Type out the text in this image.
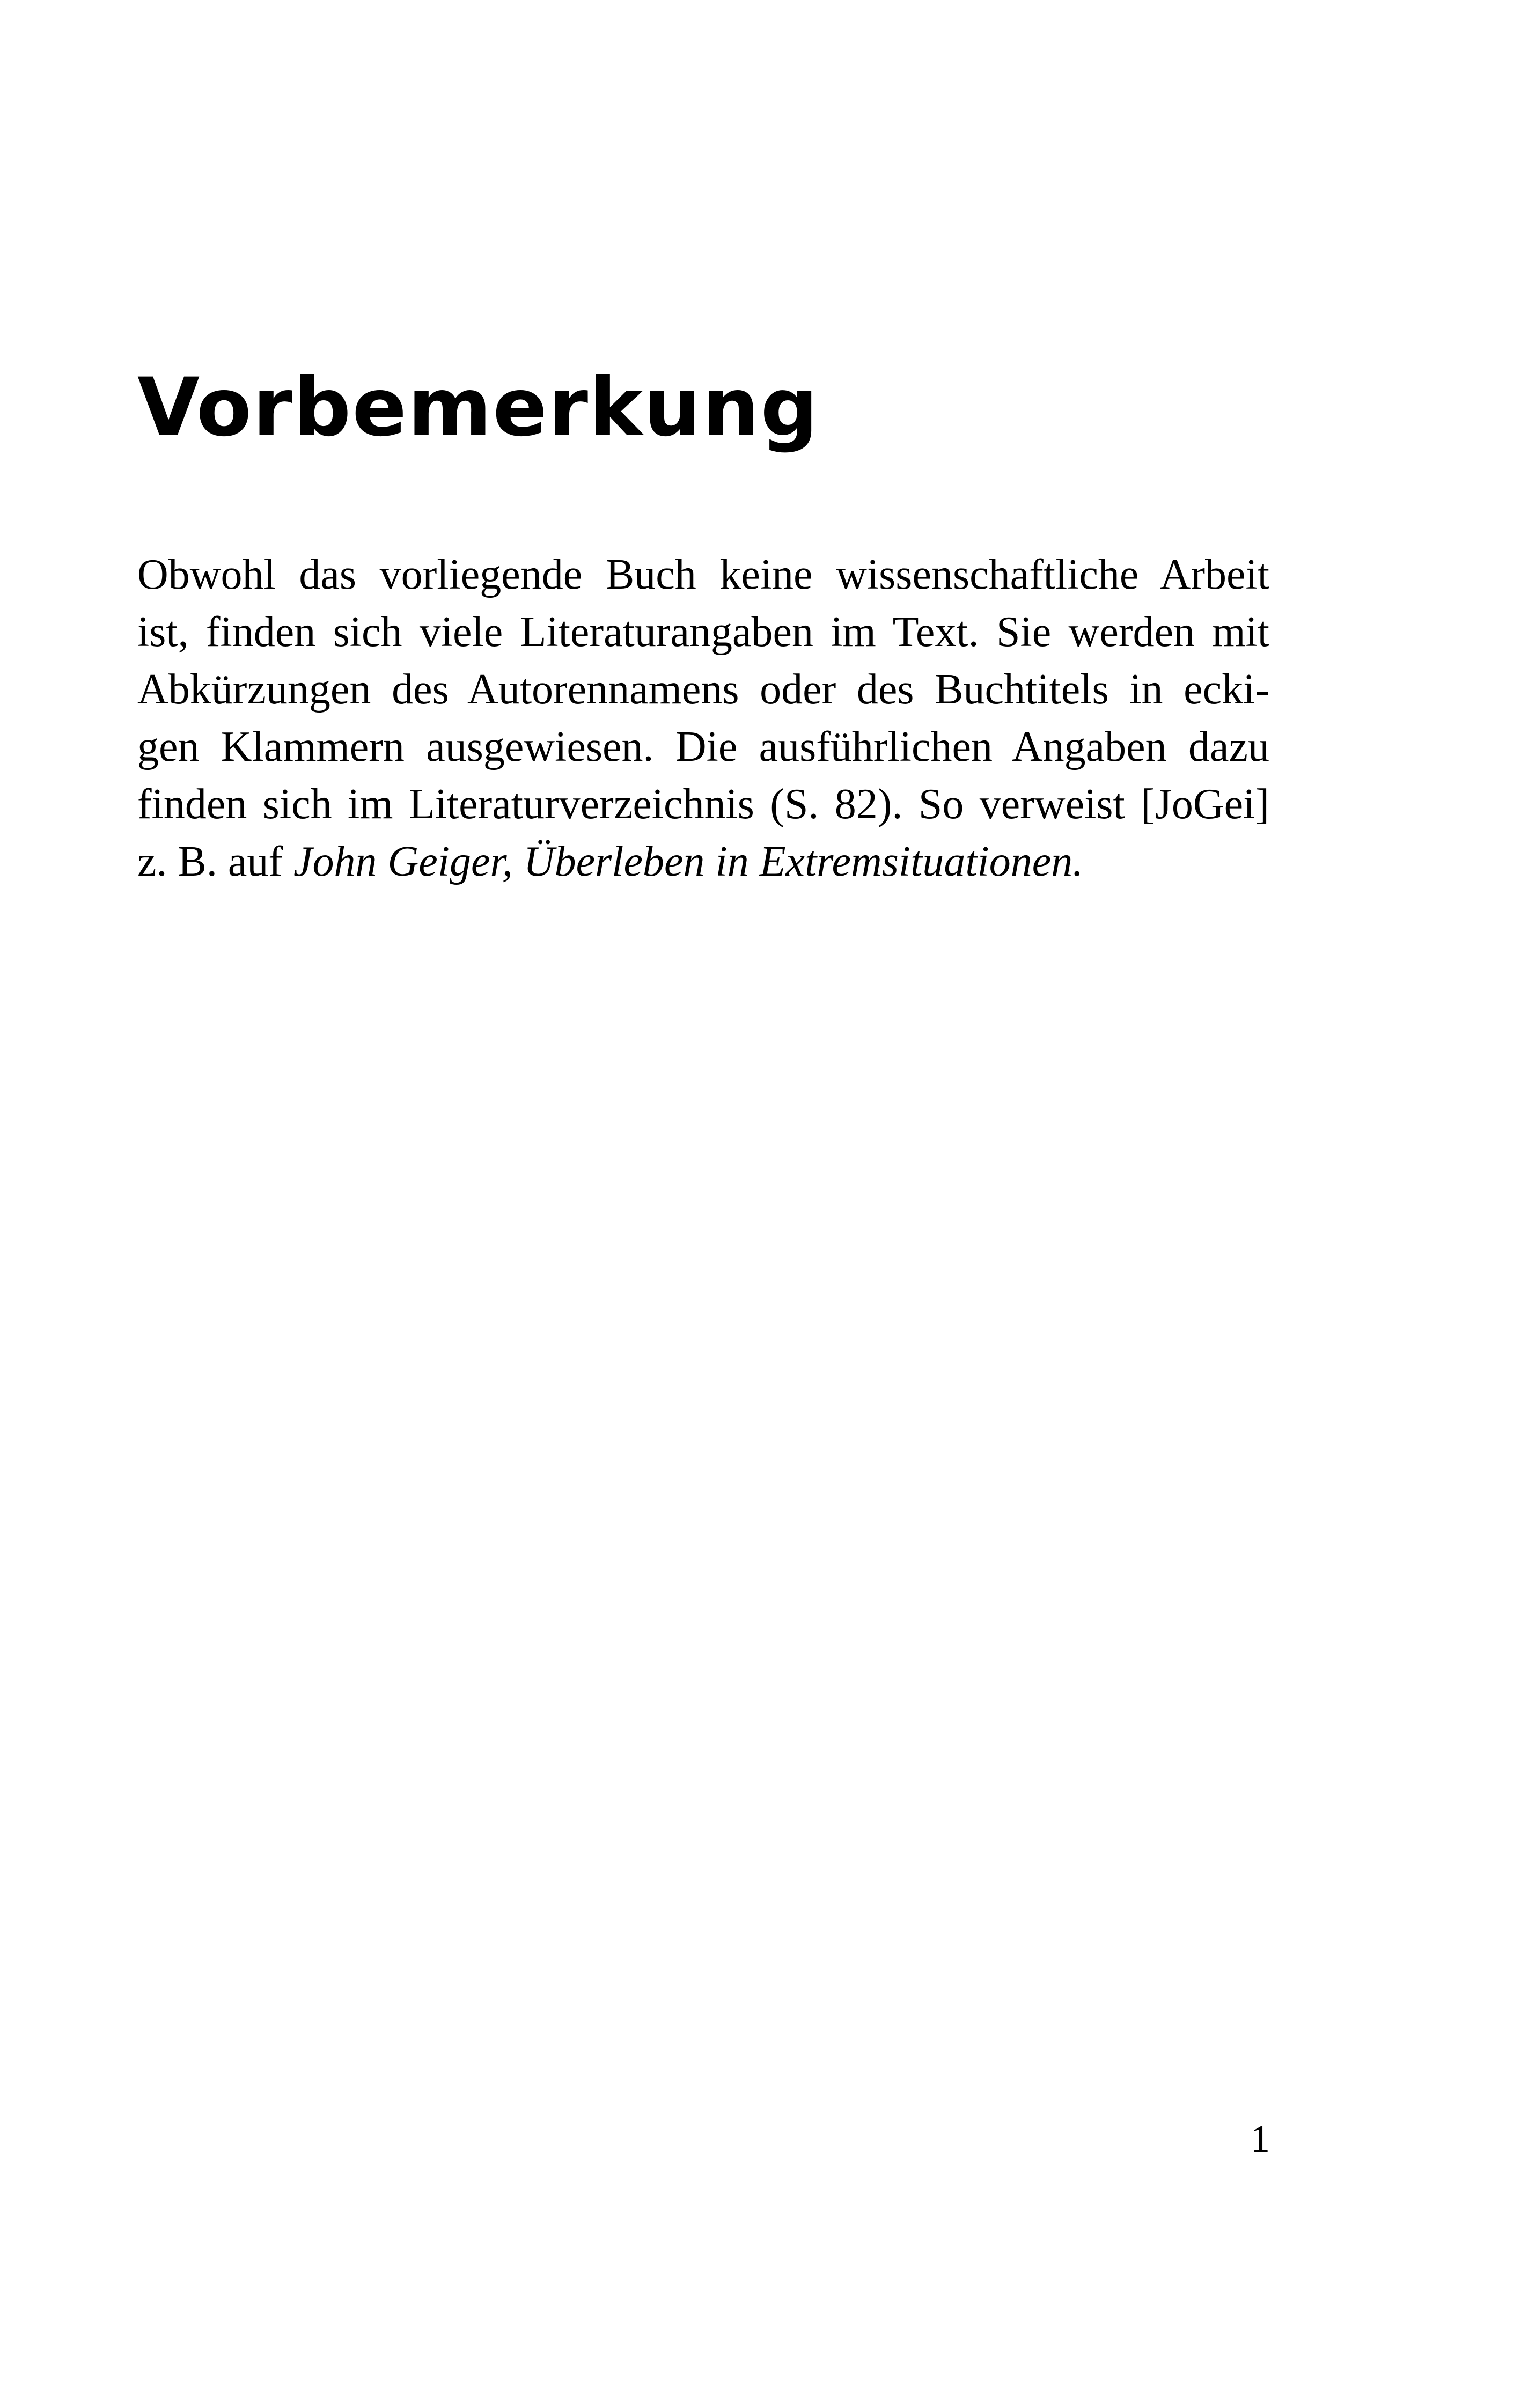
Vorbemerkung
Obwohl das vorliegende Buch keine wissenschaftliche Arbeit
ist, finden sich viele Literaturangaben im Text. Sie werden mit
Abkürzungen des Autorennamens oder des Buchtitels in ecki-
gen Klammern ausgewiesen. Die ausführlichen Angaben dazu
finden sich im Literaturverzeichnis (S. 82). So verweist [JoGei]
z. B. auf John Geiger, Überleben in Extremsituationen.
1
